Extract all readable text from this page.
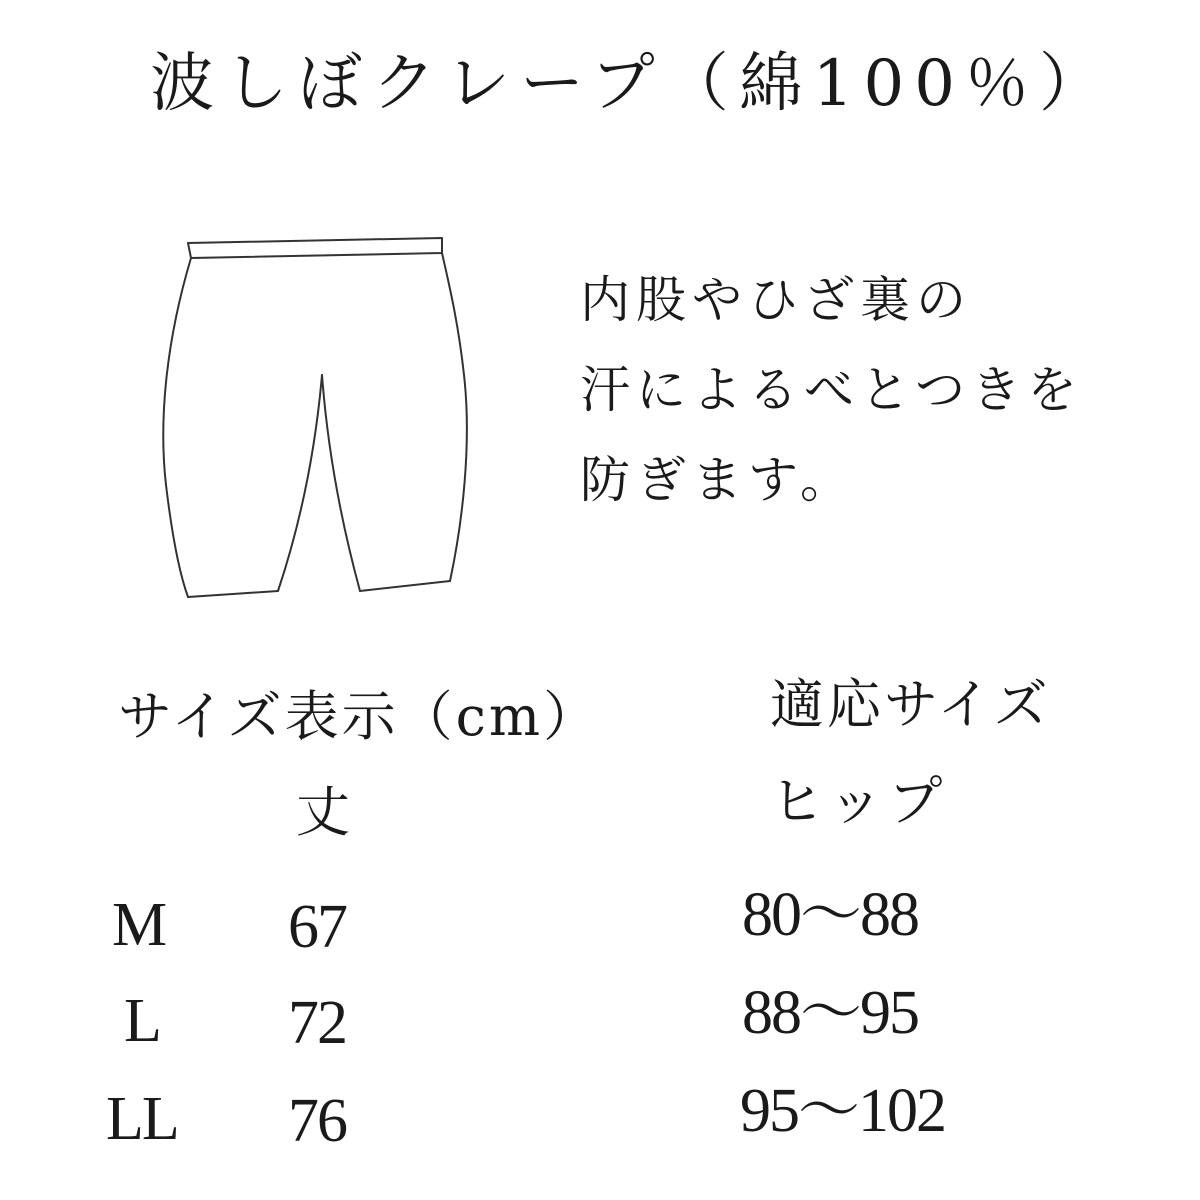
波しぼクレープ（綿100％）
内股やひざ裏の
汗によるべとつきを
防ぎます。
サイズ表示（cm）	適応サイズ
丈	ヒップ
M 67	80〜88
L 72	88〜95
LL 76	95〜102
